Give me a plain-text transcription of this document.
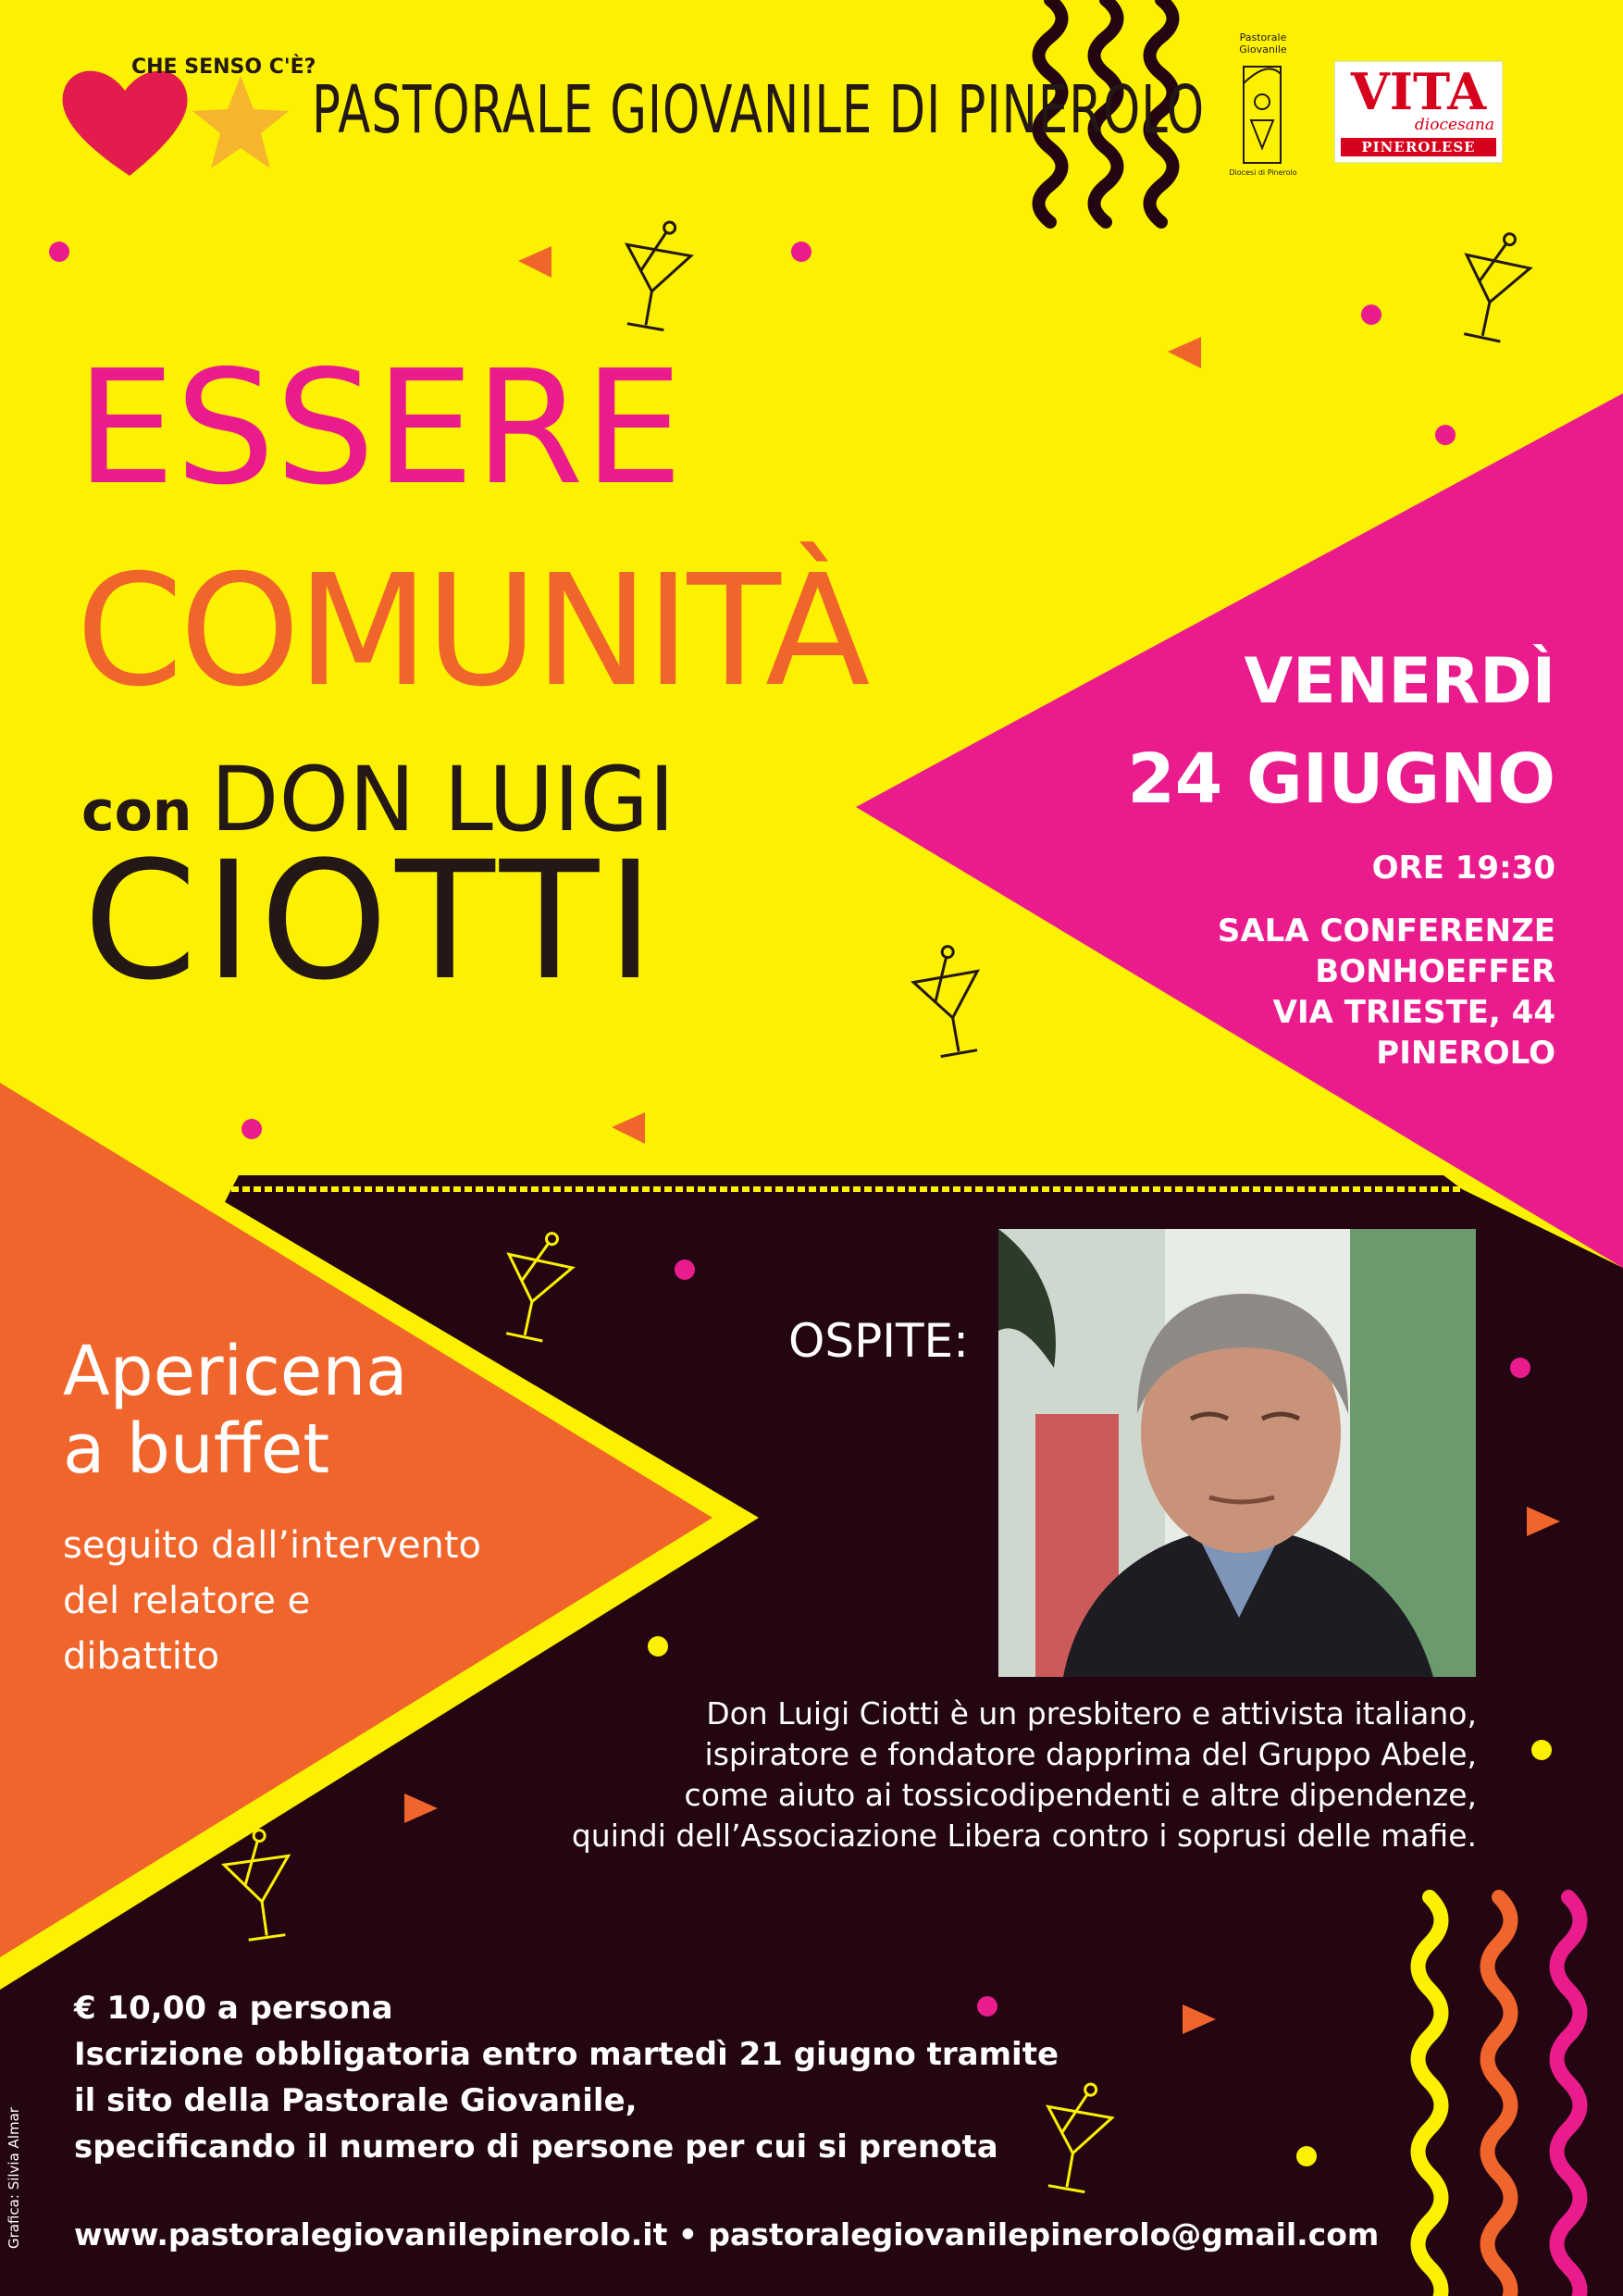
CHE SENSO C'È?
PASTORALE GIOVANILE DI PINEROLO
Pastorale
Giovanile
Diocesi di Pinerolo
VITA
diocesana
PINEROLESE
ESSERE
COMUNITÀ
con DON LUIGI
CIOTTI
VENERDÌ
24 GIUGNO
ORE 19:30
SALA CONFERENZE
BONHOEFFER
VIA TRIESTE, 44
PINEROLO
Apericena
a buffet
seguito dall’intervento
del relatore e
dibattito
OSPITE:
Don Luigi Ciotti è un presbitero e attivista italiano,
ispiratore e fondatore dapprima del Gruppo Abele,
come aiuto ai tossicodipendenti e altre dipendenze,
quindi dell’Associazione Libera contro i soprusi delle mafie.
€ 10,00 a persona
Iscrizione obbligatoria entro martedì 21 giugno tramite
il sito della Pastorale Giovanile,
specificando il numero di persone per cui si prenota
www.pastoralegiovanilepinerolo.it • pastoralegiovanilepinerolo@gmail.com
Grafica: Silvia Almar
